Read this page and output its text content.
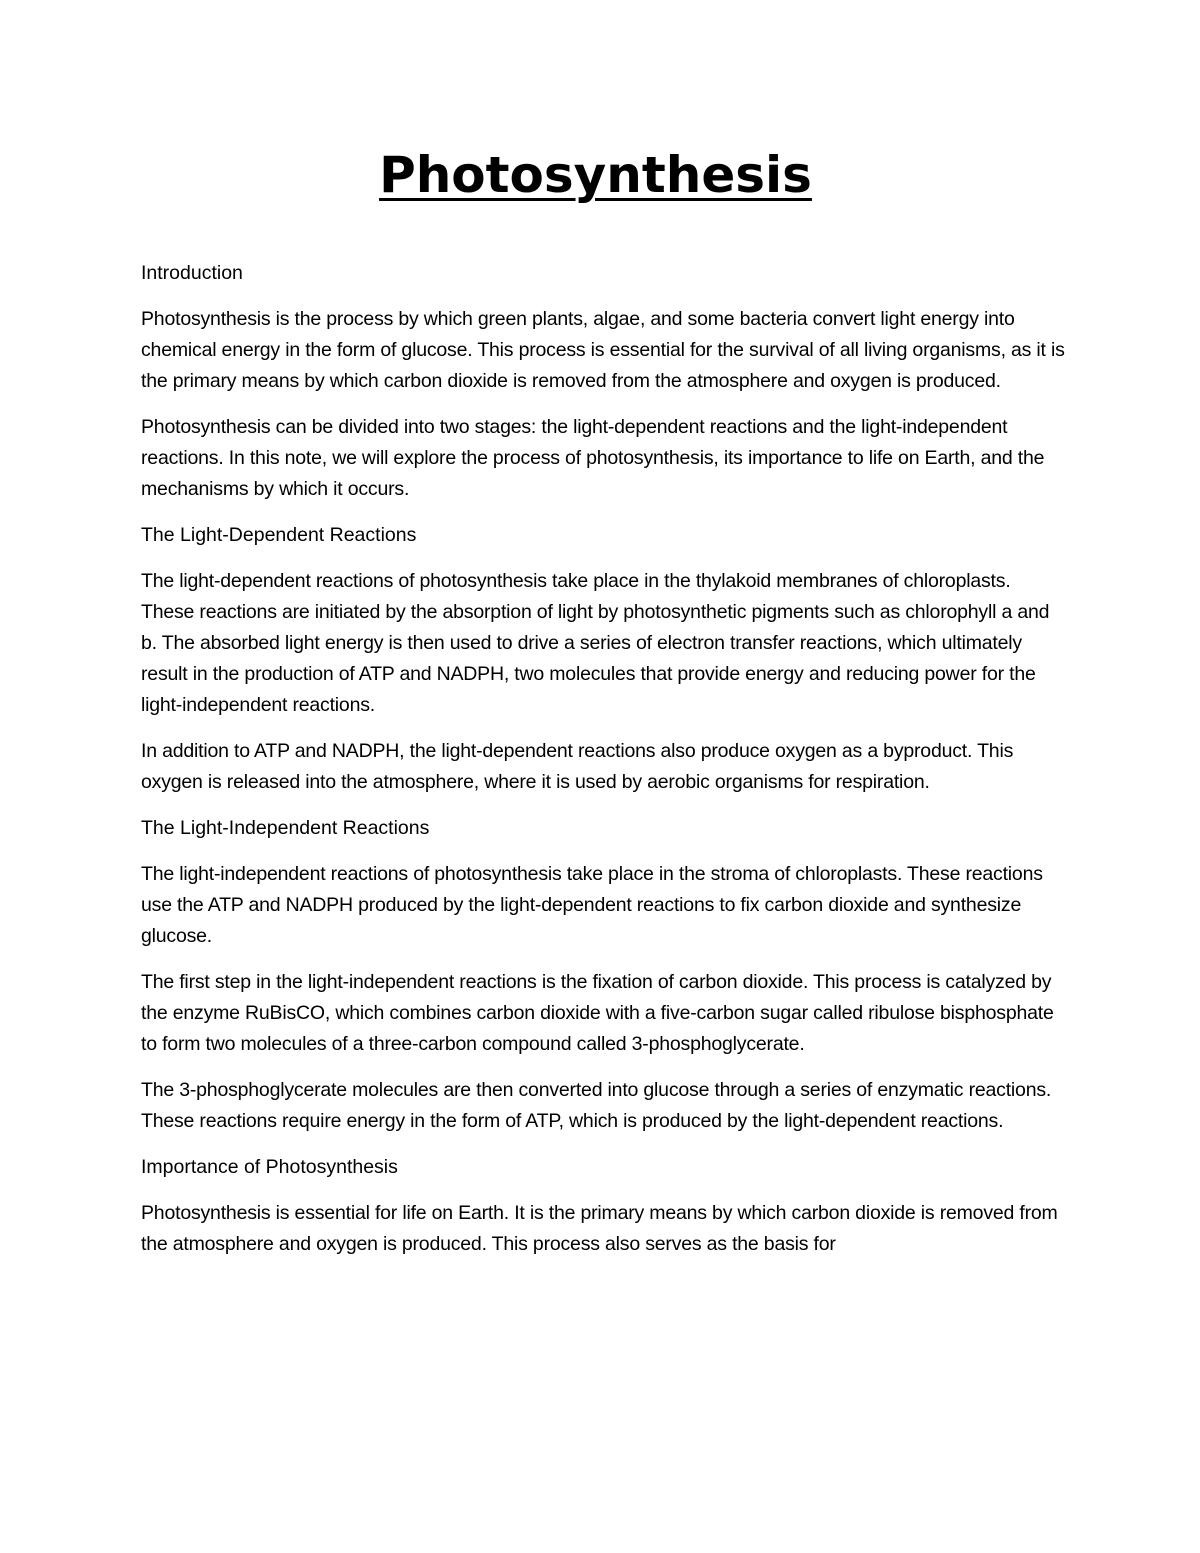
Photosynthesis
Introduction

Photosynthesis is the process by which green plants, algae, and some bacteria convert light energy into chemical energy in the form of glucose. This process is essential for the survival of all living organisms, as it is the primary means by which carbon dioxide is removed from the atmosphere and oxygen is produced.

Photosynthesis can be divided into two stages: the light-dependent reactions and the light-independent reactions. In this note, we will explore the process of photosynthesis, its importance to life on Earth, and the mechanisms by which it occurs.

The Light-Dependent Reactions

The light-dependent reactions of photosynthesis take place in the thylakoid membranes of chloroplasts. These reactions are initiated by the absorption of light by photosynthetic pigments such as chlorophyll a and b. The absorbed light energy is then used to drive a series of electron transfer reactions, which ultimately result in the production of ATP and NADPH, two molecules that provide energy and reducing power for the light-independent reactions.

In addition to ATP and NADPH, the light-dependent reactions also produce oxygen as a byproduct. This oxygen is released into the atmosphere, where it is used by aerobic organisms for respiration.

The Light-Independent Reactions

The light-independent reactions of photosynthesis take place in the stroma of chloroplasts. These reactions use the ATP and NADPH produced by the light-dependent reactions to fix carbon dioxide and synthesize glucose.

The first step in the light-independent reactions is the fixation of carbon dioxide. This process is catalyzed by the enzyme RuBisCO, which combines carbon dioxide with a five-carbon sugar called ribulose bisphosphate to form two molecules of a three-carbon compound called 3-phosphoglycerate.

The 3-phosphoglycerate molecules are then converted into glucose through a series of enzymatic reactions. These reactions require energy in the form of ATP, which is produced by the light-dependent reactions.

Importance of Photosynthesis

Photosynthesis is essential for life on Earth. It is the primary means by which carbon dioxide is removed from the atmosphere and oxygen is produced. This process also serves as the basis for
